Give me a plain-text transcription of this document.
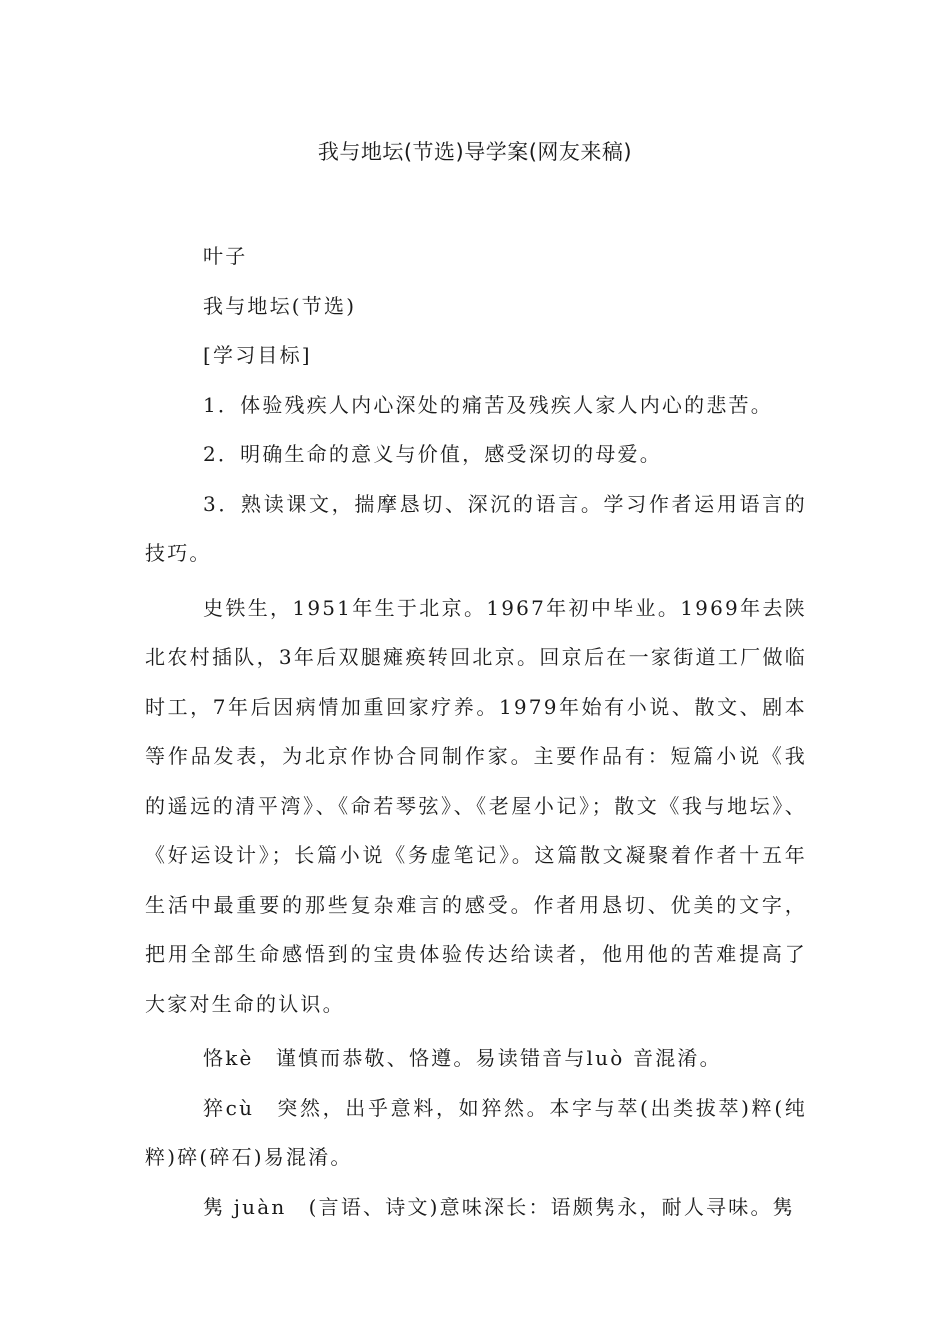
我与地坛(节选)导学案(网友来稿)

叶子

我与地坛(节选)

[学习目标]

1．体验残疾人内心深处的痛苦及残疾人家人内心的悲苦。

2．明确生命的意义与价值，感受深切的母爱。

3．熟读课文，揣摩恳切、深沉的语言。学习作者运用语言的技巧。

史铁生，1951年生于北京。1967年初中毕业。1969年去陕北农村插队，3年后双腿瘫痪转回北京。回京后在一家街道工厂做临时工，7年后因病情加重回家疗养。1979年始有小说、散文、剧本等作品发表，为北京作协合同制作家。主要作品有：短篇小说《我的遥远的清平湾》、《命若琴弦》、《老屋小记》；散文《我与地坛》、《好运设计》；长篇小说《务虚笔记》。这篇散文凝聚着作者十五年生活中最重要的那些复杂难言的感受。作者用恳切、优美的文字，把用全部生命感悟到的宝贵体验传达给读者，他用他的苦难提高了大家对生命的认识。

恪kè　谨慎而恭敬、恪遵。易读错音与luò 音混淆。

猝cù　突然，出乎意料，如猝然。本字与萃(出类拔萃)粹(纯粹)碎(碎石)易混淆。

隽 juàn　(言语、诗文)意味深长：语颇隽永，耐人寻味。隽
